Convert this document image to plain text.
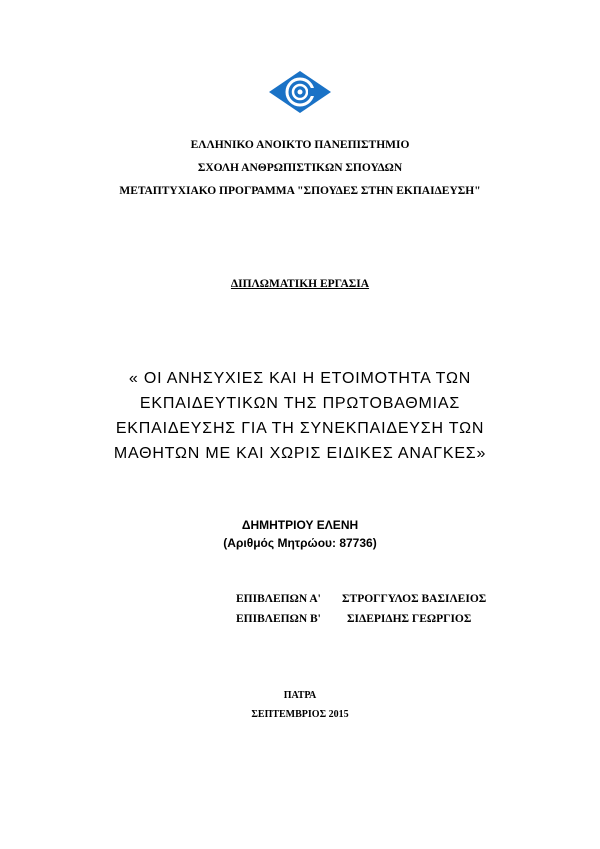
ΕΛΛΗΝΙΚΟ ΑΝΟΙΚΤΟ ΠΑΝΕΠΙΣΤΗΜΙΟ
ΣΧΟΛΗ ΑΝΘΡΩΠΙΣΤΙΚΩΝ ΣΠΟΥΔΩΝ
ΜΕΤΑΠΤΥΧΙΑΚΟ ΠΡΟΓΡΑΜΜΑ "ΣΠΟΥΔΕΣ ΣΤΗΝ ΕΚΠΑΙΔΕΥΣΗ"
ΔΙΠΛΩΜΑΤΙΚΗ ΕΡΓΑΣΙΑ
« ΟΙ ΑΝΗΣΥΧΙΕΣ ΚΑΙ Η ΕΤΟΙΜΟΤΗΤΑ ΤΩΝ
ΕΚΠΑΙΔΕΥΤΙΚΩΝ ΤΗΣ ΠΡΩΤΟΒΑΘΜΙΑΣ
ΕΚΠΑΙΔΕΥΣΗΣ ΓΙΑ ΤΗ ΣΥΝΕΚΠΑΙΔΕΥΣΗ ΤΩΝ
ΜΑΘΗΤΩΝ ΜΕ ΚΑΙ ΧΩΡΙΣ ΕΙΔΙΚΕΣ ΑΝΑΓΚΕΣ»
ΔΗΜΗΤΡΙΟΥ ΕΛΕΝΗ
(Αριθμός Μητρώου: 87736)
ΕΠΙΒΛΕΠΩΝ Α' ΣΤΡΟΓΓΥΛΟΣ ΒΑΣΙΛΕΙΟΣ
ΕΠΙΒΛΕΠΩΝ Β' ΣΙΔΕΡΙΔΗΣ ΓΕΩΡΓΙΟΣ
ΠΑΤΡΑ
ΣΕΠΤΕΜΒΡΙΟΣ 2015
